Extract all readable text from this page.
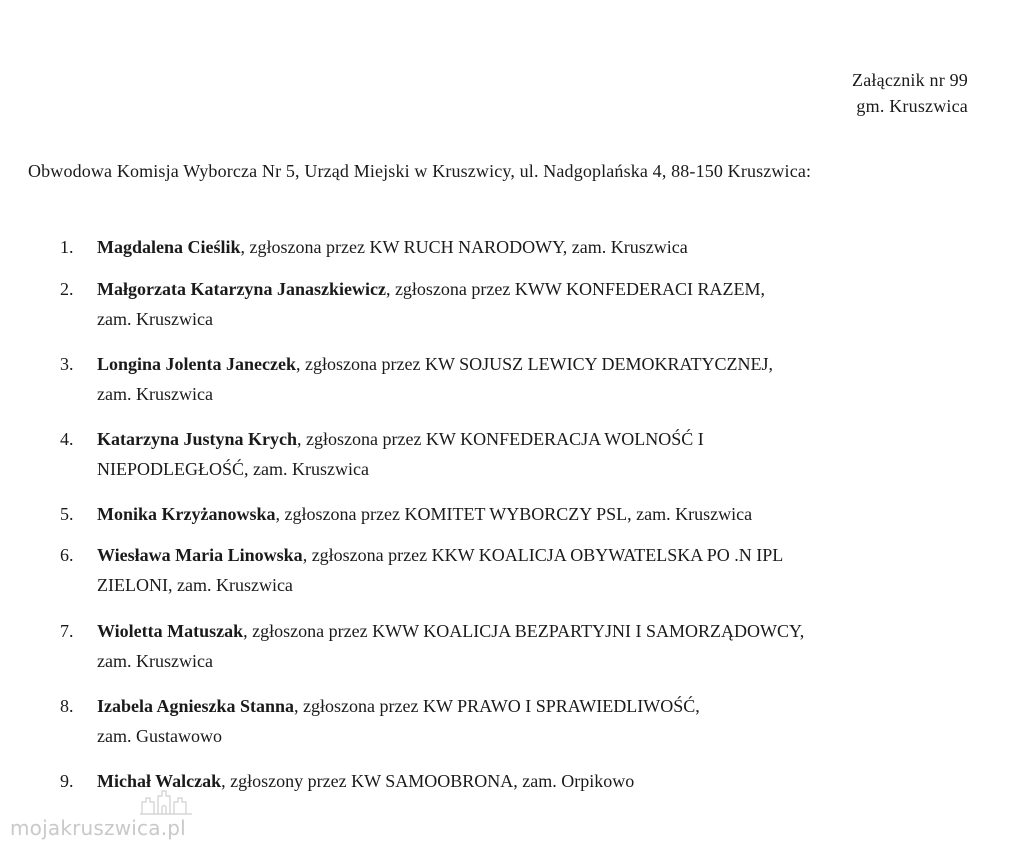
Załącznik nr 99
gm. Kruszwica
Obwodowa Komisja Wyborcza Nr 5, Urząd Miejski w Kruszwicy, ul. Nadgoplańska 4, 88-150 Kruszwica:
1.	Magdalena Cieślik, zgłoszona przez KW RUCH NARODOWY, zam. Kruszwica
2.	Małgorzata Katarzyna Janaszkiewicz, zgłoszona przez KWW KONFEDERACI RAZEM,
zam. Kruszwica
3.	Longina Jolenta Janeczek, zgłoszona przez KW SOJUSZ LEWICY DEMOKRATYCZNEJ,
zam. Kruszwica
4.	Katarzyna Justyna Krych, zgłoszona przez KW KONFEDERACJA WOLNOŚĆ I
NIEPODLEGŁOŚĆ, zam. Kruszwica
5.	Monika Krzyżanowska, zgłoszona przez KOMITET WYBORCZY PSL, zam. Kruszwica
6.	Wiesława Maria Linowska, zgłoszona przez KKW KOALICJA OBYWATELSKA PO .N IPL
ZIELONI, zam. Kruszwica
7.	Wioletta Matuszak, zgłoszona przez KWW KOALICJA BEZPARTYJNI I SAMORZĄDOWCY,
zam. Kruszwica
8.	Izabela Agnieszka Stanna, zgłoszona przez KW PRAWO I SPRAWIEDLIWOŚĆ,
zam. Gustawowo
9.	Michał Walczak, zgłoszony przez KW SAMOOBRONA, zam. Orpikowo
mojakruszwica.pl
